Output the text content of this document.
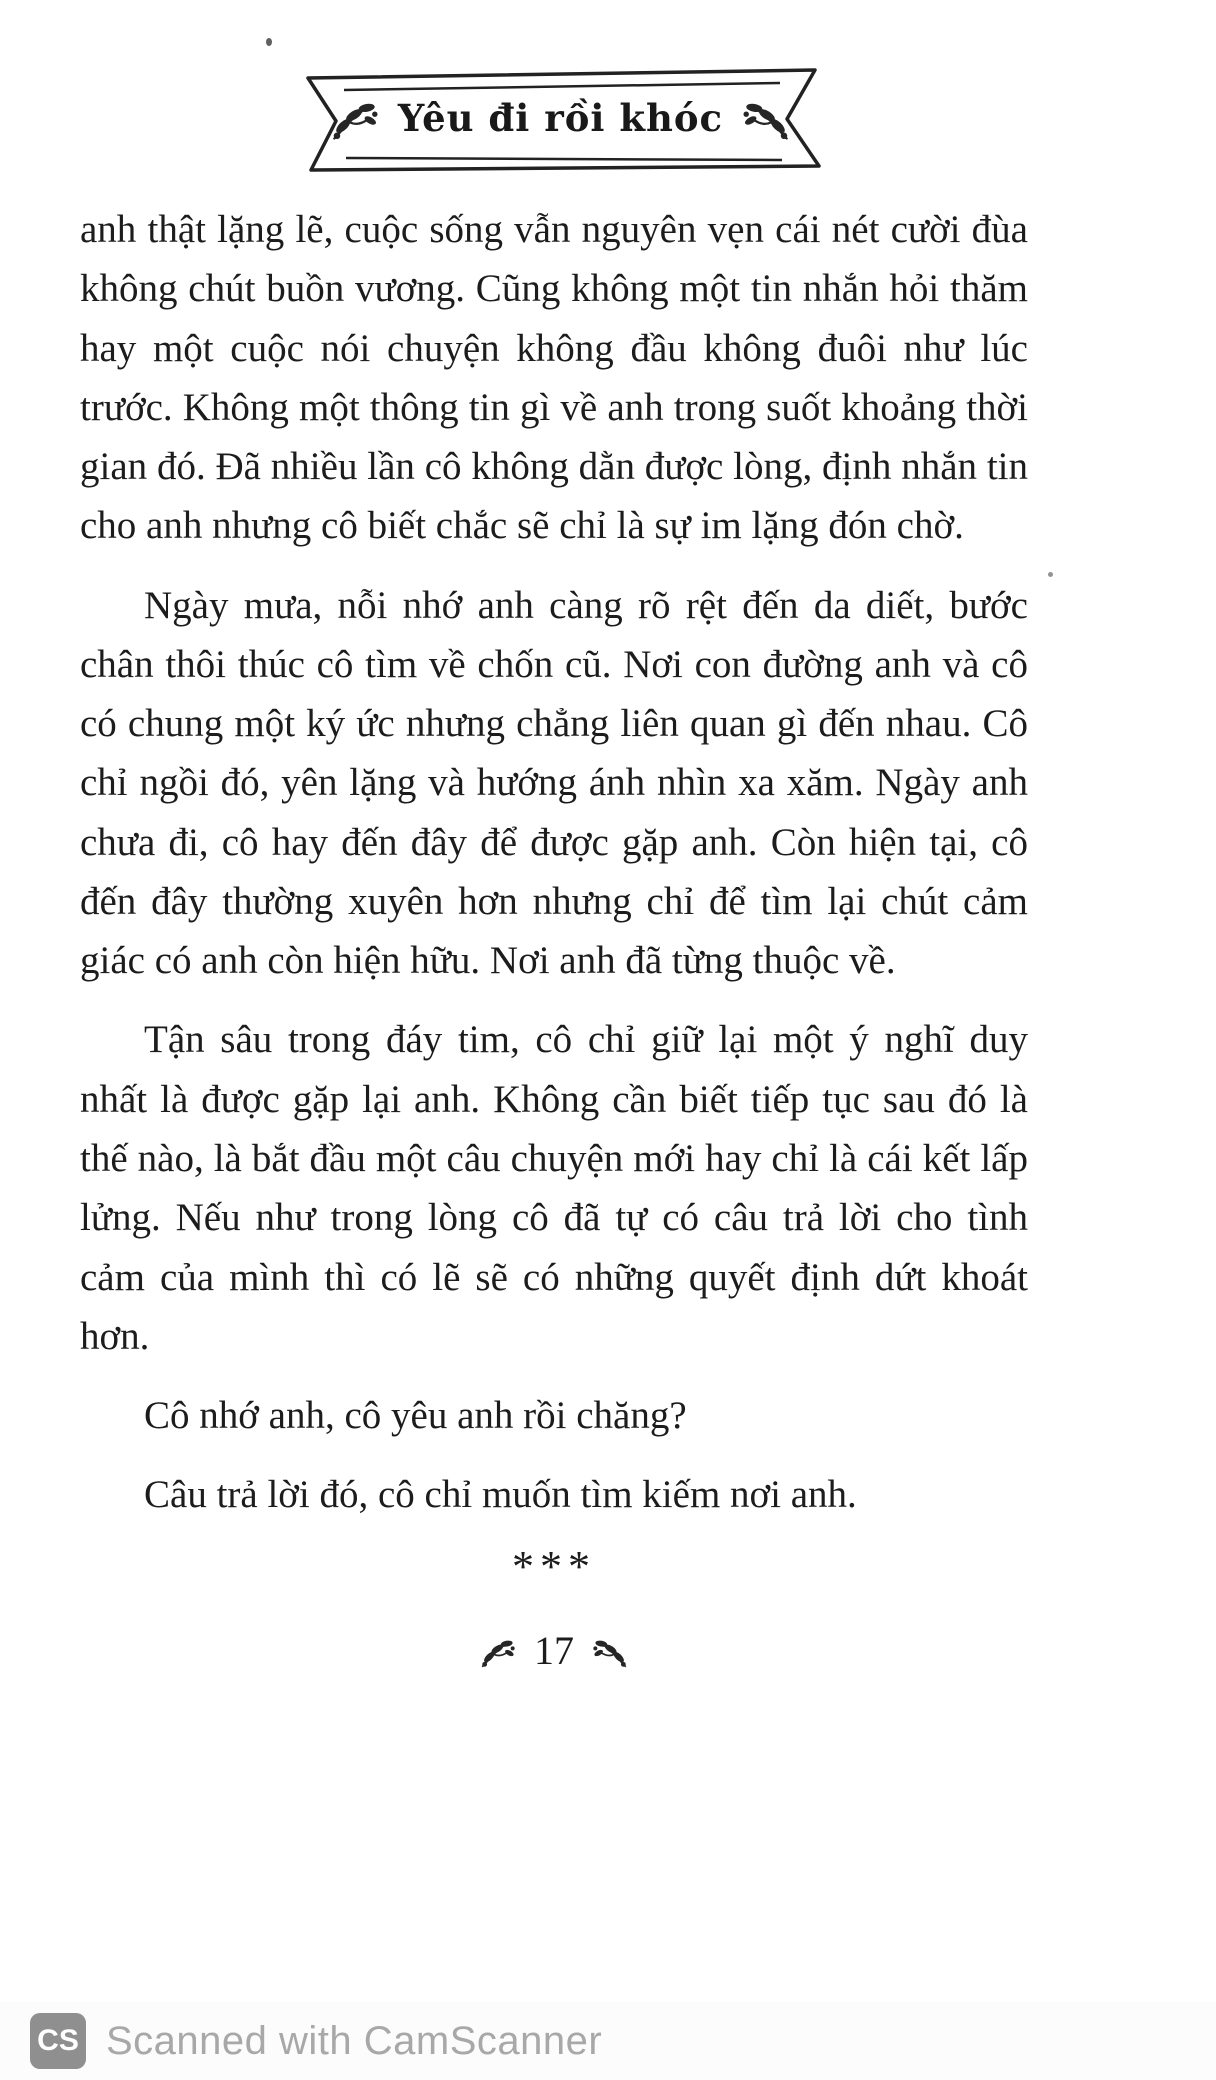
Yêu đi rồi khóc

anh thật lặng lẽ, cuộc sống vẫn nguyên vẹn cái nét cười đùa không chút buồn vương. Cũng không một tin nhắn hỏi thăm hay một cuộc nói chuyện không đầu không đuôi như lúc trước. Không một thông tin gì về anh trong suốt khoảng thời gian đó. Đã nhiều lần cô không dằn được lòng, định nhắn tin cho anh nhưng cô biết chắc sẽ chỉ là sự im lặng đón chờ.

Ngày mưa, nỗi nhớ anh càng rõ rệt đến da diết, bước chân thôi thúc cô tìm về chốn cũ. Nơi con đường anh và cô có chung một ký ức nhưng chẳng liên quan gì đến nhau. Cô chỉ ngồi đó, yên lặng và hướng ánh nhìn xa xăm. Ngày anh chưa đi, cô hay đến đây để được gặp anh. Còn hiện tại, cô đến đây thường xuyên hơn nhưng chỉ để tìm lại chút cảm giác có anh còn hiện hữu. Nơi anh đã từng thuộc về.

Tận sâu trong đáy tim, cô chỉ giữ lại một ý nghĩ duy nhất là được gặp lại anh. Không cần biết tiếp tục sau đó là thế nào, là bắt đầu một câu chuyện mới hay chỉ là cái kết lấp lửng. Nếu như trong lòng cô đã tự có câu trả lời cho tình cảm của mình thì có lẽ sẽ có những quyết định dứt khoát hơn.

Cô nhớ anh, cô yêu anh rồi chăng?

Câu trả lời đó, cô chỉ muốn tìm kiếm nơi anh.

***
17
CS Scanned with CamScanner
